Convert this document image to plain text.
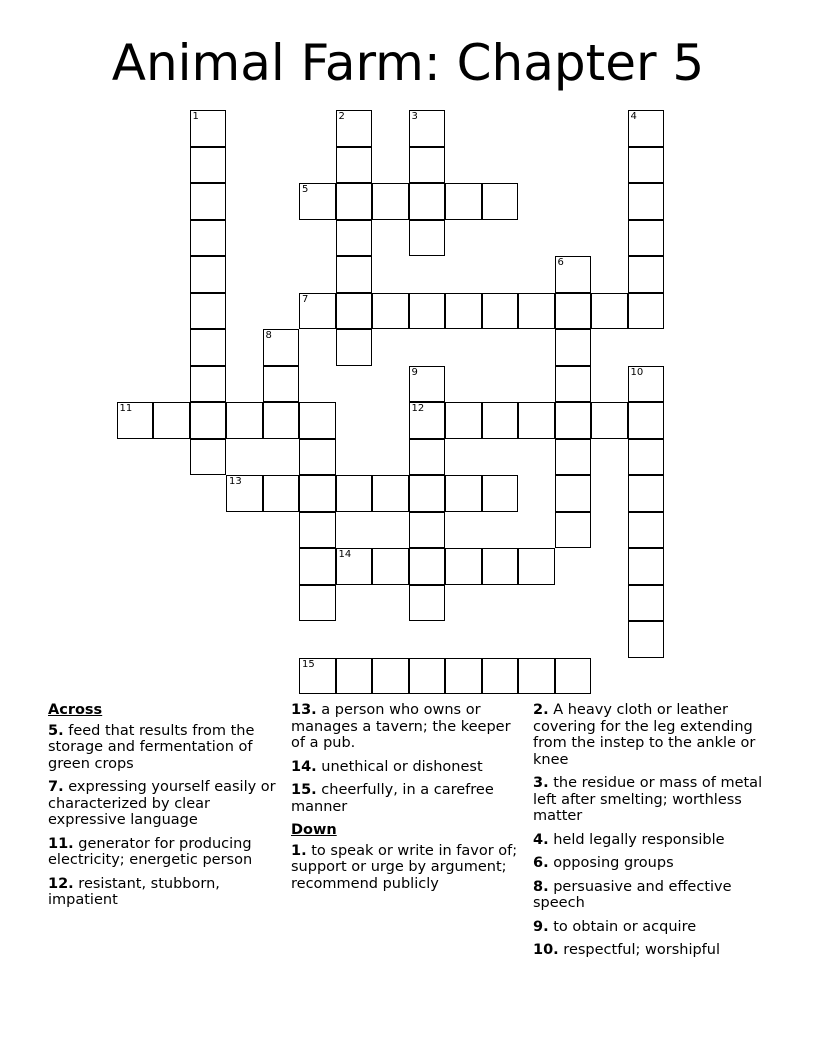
Animal Farm: Chapter 5
1	2	3	4
5
6
7
8
9	10
11	12
13
14
15
Across
5. feed that results from the storage and fermentation of green crops
7. expressing yourself easily or characterized by clear expressive language
11. generator for producing electricity; energetic person
12. resistant, stubborn, impatient
13. a person who owns or manages a tavern; the keeper of a pub.
14. unethical or dishonest
15. cheerfully, in a carefree manner
Down
1. to speak or write in favor of; support or urge by argument; recommend publicly
2. A heavy cloth or leather covering for the leg extending from the instep to the ankle or knee
3. the residue or mass of metal left after smelting; worthless matter
4. held legally responsible
6. opposing groups
8. persuasive and effective speech
9. to obtain or acquire
10. respectful; worshipful
